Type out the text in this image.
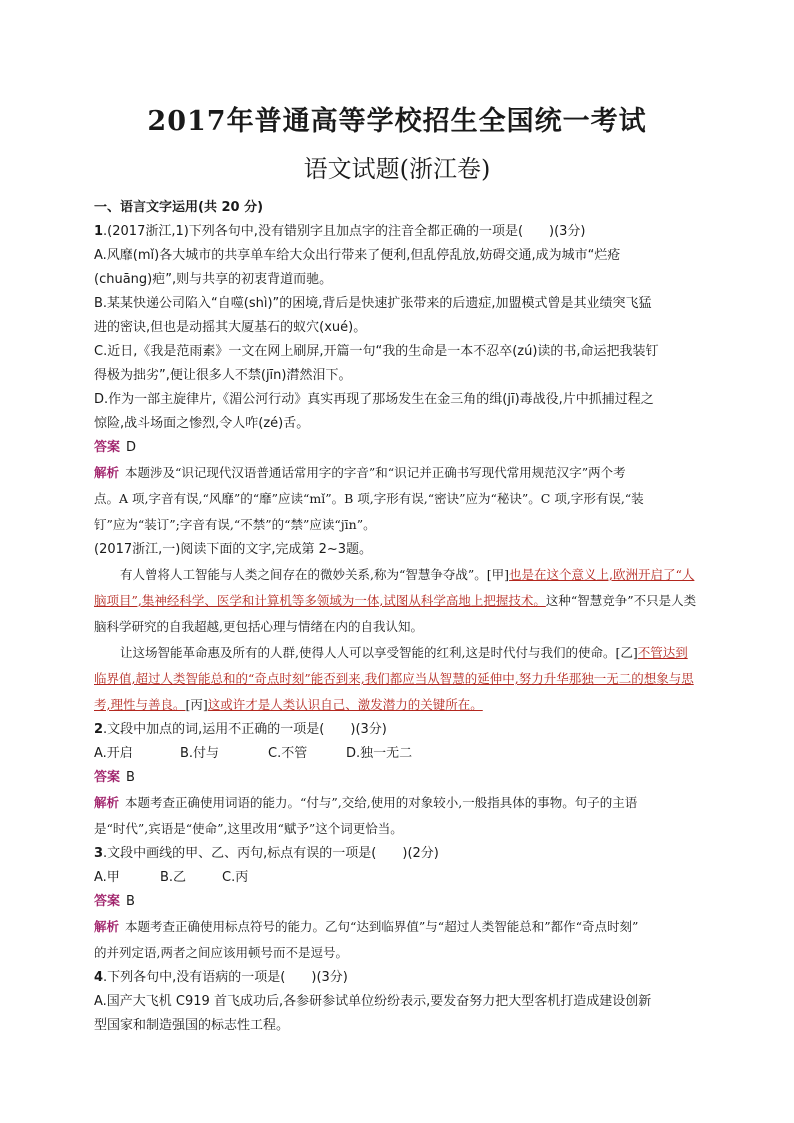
2017年普通高等学校招生全国统一考试
语文试题(浙江卷)
一、语言文字运用(共 20 分)
1.(2017浙江,1)下列各句中,没有错别字且加点字的注音全都正确的一项是(　　)(3分)
A.风靡(mǐ)各大城市的共享单车给大众出行带来了便利,但乱停乱放,妨碍交通,成为城市“烂疮
(chuāng)疤”,则与共享的初衷背道而驰。
B.某某快递公司陷入“自噬(shì)”的困境,背后是快速扩张带来的后遗症,加盟模式曾是其业绩突飞猛
进的密诀,但也是动摇其大厦基石的蚁穴(xué)。
C.近日,《我是范雨素》一文在网上刷屏,开篇一句“我的生命是一本不忍卒(zú)读的书,命运把我装钉
得极为拙劣”,便让很多人不禁(jīn)潸然泪下。
D.作为一部主旋律片,《湄公河行动》真实再现了那场发生在金三角的缉(jī)毒战役,片中抓捕过程之
惊险,战斗场面之惨烈,令人咋(zé)舌。
答案 D
解析 本题涉及“识记现代汉语普通话常用字的字音”和“识记并正确书写现代常用规范汉字”两个考
点。A 项,字音有误,“风靡”的“靡”应读“mǐ”。B 项,字形有误,“密诀”应为“秘诀”。C 项,字形有误,“装
钉”应为“装订”;字音有误,“不禁”的“禁”应读“jīn”。
(2017浙江,一)阅读下面的文字,完成第 2~3题。

有人曾将人工智能与人类之间存在的微妙关系,称为“智慧争夺战”。[甲]也是在这个意义上,欧洲开启了“人脑项目”,集神经科学、医学和计算机等多领域为一体,试图从科学高地上把握技术。这种“智慧竞争”不只是人类脑科学研究的自我超越,更包括心理与情绪在内的自我认知。

让这场智能革命惠及所有的人群,使得人人可以享受智能的红利,这是时代付与我们的使命。[乙]不管达到临界值,超过人类智能总和的“奇点时刻”能否到来,我们都应当从智慧的延伸中,努力升华那独一无二的想象与思考,理性与善良。[丙]这或许才是人类认识自己、激发潜力的关键所在。

2.文段中加点的词,运用不正确的一项是(　　)(3分)
A.开启	B.付与	C.不管	D.独一无二
答案 B
解析 本题考查正确使用词语的能力。“付与”,交给,使用的对象较小,一般指具体的事物。句子的主语
是“时代”,宾语是“使命”,这里改用“赋予”这个词更恰当。
3.文段中画线的甲、乙、丙句,标点有误的一项是(　　)(2分)
A.甲	B.乙	C.丙
答案 B
解析 本题考查正确使用标点符号的能力。乙句“达到临界值”与“超过人类智能总和”都作“奇点时刻”
的并列定语,两者之间应该用顿号而不是逗号。
4.下列各句中,没有语病的一项是(　　)(3分)
A.国产大飞机 C919 首飞成功后,各参研参试单位纷纷表示,要发奋努力把大型客机打造成建设创新
型国家和制造强国的标志性工程。
